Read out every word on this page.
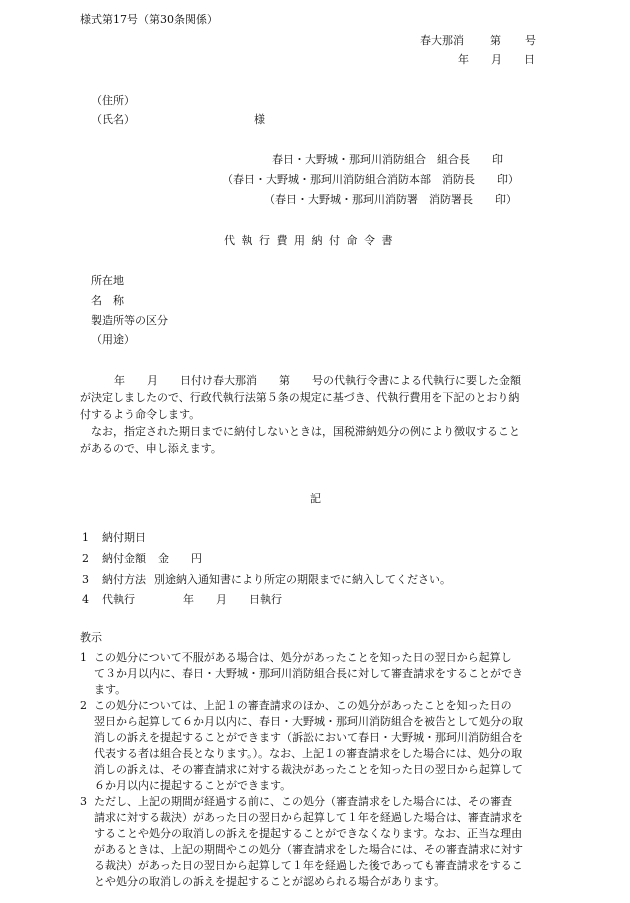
様式第17号（第30条関係）
春大那消 第 号
年 月 日
（住所）
（氏名）	様
春日・大野城・那珂川消防組合　組合長　　印
（春日・大野城・那珂川消防組合消防本部　消防長　　印）
（春日・大野城・那珂川消防署　消防署長　　印）
代執行費用納付命令書
所在地
名　称
製造所等の区分
（用途）

年　　月　　日付け春大那消　　第　　号の代執行令書による代執行に要した金額

が決定しましたので、行政代執行法第５条の規定に基づき、代執行費用を下記のとおり納

付するよう命令します。

なお，指定された期日までに納付しないときは，国税滞納処分の例により徴収すること

があるので、申し添えます。

記
1 納付期日
2 納付金額 金　　円
3 納付方法 別途納入通知書により所定の期限までに納入してください。
4 代執行	年　　月　　日執行
教示
1 この処分について不服がある場合は、処分があったことを知った日の翌日から起算し

て３か月以内に、春日・大野城・那珂川消防組合長に対して審査請求をすることができ

ます。

2 この処分については、上記１の審査請求のほか、この処分があったことを知った日の

翌日から起算して６か月以内に、春日・大野城・那珂川消防組合を被告として処分の取

消しの訴えを提起することができます（訴訟において春日・大野城・那珂川消防組合を

代表する者は組合長となります。）。なお、上記１の審査請求をした場合には、処分の取

消しの訴えは、その審査請求に対する裁決があったことを知った日の翌日から起算して

６か月以内に提起することができます。

3 ただし、上記の期間が経過する前に、この処分（審査請求をした場合には、その審査

請求に対する裁決）があった日の翌日から起算して１年を経過した場合は、審査請求を

することや処分の取消しの訴えを提起することができなくなります。なお、正当な理由

があるときは、上記の期間やこの処分（審査請求をした場合には、その審査請求に対す

る裁決）があった日の翌日から起算して１年を経過した後であっても審査請求をするこ

とや処分の取消しの訴えを提起することが認められる場合があります。
